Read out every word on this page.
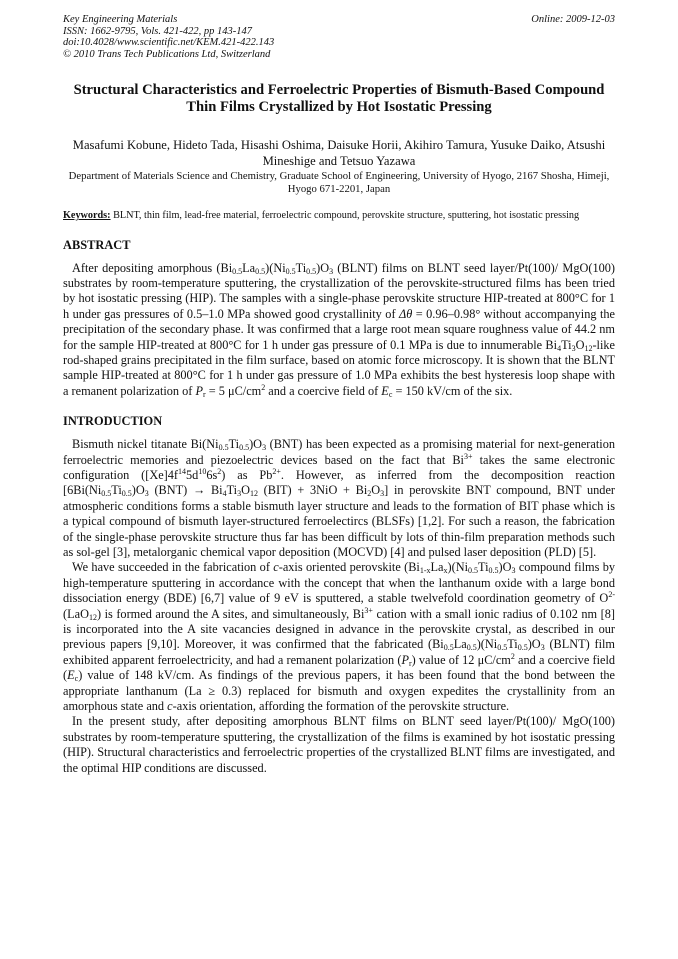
Key Engineering Materials
ISSN: 1662-9795, Vols. 421-422, pp 143-147
doi:10.4028/www.scientific.net/KEM.421-422.143
© 2010 Trans Tech Publications Ltd, Switzerland
Online: 2009-12-03
Structural Characteristics and Ferroelectric Properties of Bismuth-Based Compound Thin Films Crystallized by Hot Isostatic Pressing
Masafumi Kobune, Hideto Tada, Hisashi Oshima, Daisuke Horii, Akihiro Tamura, Yusuke Daiko, Atsushi Mineshige and Tetsuo Yazawa
Department of Materials Science and Chemistry, Graduate School of Engineering, University of Hyogo, 2167 Shosha, Himeji, Hyogo 671-2201, Japan
Keywords: BLNT, thin film, lead-free material, ferroelectric compound, perovskite structure, sputtering, hot isostatic pressing
ABSTRACT

After depositing amorphous $(Bi_{0.5}La_{0.5})(Ni_{0.5}Ti_{0.5})O_3$ (BLNT) films on BLNT seed layer/Pt(100)/ MgO(100) substrates by room-temperature sputtering, the crystallization of the perovskite-structured films has been tried by hot isostatic pressing (HIP). The samples with a single-phase perovskite structure HIP-treated at 800°C for 1 h under gas pressures of 0.5–1.0 MPa showed good crystallinity of Δθ = 0.96–0.98° without accompanying the precipitation of the secondary phase. It was confirmed that a large root mean square roughness value of 44.2 nm for the sample HIP-treated at 800°C for 1 h under gas pressure of 0.1 MPa is due to innumerable $Bi_4Ti_3O_{12}$-like rod-shaped grains precipitated in the film surface, based on atomic force microscopy. It is shown that the BLNT sample HIP-treated at 800°C for 1 h under gas pressure of 1.0 MPa exhibits the best hysteresis loop shape with a remanent polarization of $P_r = 5$ $\mu C/cm^2$ and a coercive field of $E_c = 150$ kV/cm of the six.

INTRODUCTION

Bismuth nickel titanate $Bi(Ni_{0.5}Ti_{0.5})O_3$ (BNT) has been expected as a promising material for next-generation ferroelectric memories and piezoelectric devices based on the fact that $Bi^{3+}$ takes the same electronic configuration $([Xe]4f^{14}5d^{10}6s^2)$ as $Pb^{2+}$. However, as inferred from the decomposition reaction [$6Bi(Ni_{0.5}Ti_{0.5})O_3$ $(BNT) \to Bi_4Ti_3O_{12}$ $(BIT) + 3NiO + Bi_2O_3$] in perovskite BNT compound, BNT under atmospheric conditions forms a stable bismuth layer structure and leads to the formation of BIT phase which is a typical compound of bismuth layer-structured ferroelectircs (BLSFs) [1,2]. For such a reason, the fabrication of the single-phase perovskite structure thus far has been difficult by lots of thin-film preparation methods such as sol-gel [3], metalorganic chemical vapor deposition (MOCVD) [4] and pulsed laser deposition (PLD) [5].

We have succeeded in the fabrication of c-axis oriented perovskite $(Bi_{1-x}La_x)(Ni_{0.5}Ti_{0.5})O_3$ compound films by high-temperature sputtering in accordance with the concept that when the lanthanum oxide with a large bond dissociation energy (BDE) [6,7] value of 9 eV is sputtered, a stable twelvefold coordination geometry of $O^{2-}$ (LaO$_{12}$) is formed around the A sites, and simultaneously, $Bi^{3+}$ cation with a small ionic radius of 0.102 nm [8] is incorporated into the A site vacancies designed in advance in the perovskite crystal, as described in our previous papers [9,10]. Moreover, it was confirmed that the fabricated $(Bi_{0.5}La_{0.5})(Ni_{0.5}Ti_{0.5})O_3$ (BLNT) film exhibited apparent ferroelectricity, and had a remanent polarization $(P_r)$ value of 12 $\mu C/cm^2$ and a coercive field $(E_c)$ value of 148 kV/cm. As findings of the previous papers, it has been found that the bond between the appropriate lanthanum (La ≥ 0.3) replaced for bismuth and oxygen expedites the crystallinity from an amorphous state and c-axis orientation, affording the formation of the perovskite structure.

In the present study, after depositing amorphous BLNT films on BLNT seed layer/Pt(100)/ MgO(100) substrates by room-temperature sputtering, the crystallization of the films is examined by hot isostatic pressing (HIP). Structural characteristics and ferroelectric properties of the crystallized BLNT films are investigated, and the optimal HIP conditions are discussed.
